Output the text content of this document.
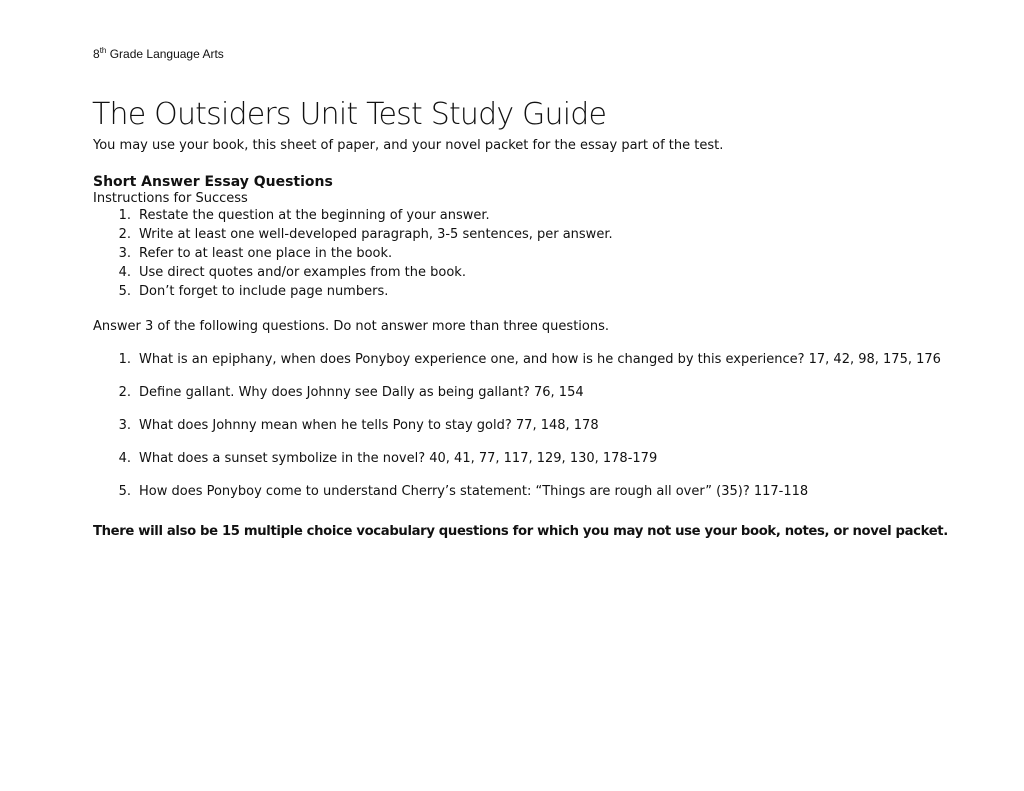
8th Grade Language Arts
The Outsiders Unit Test Study Guide
You may use your book, this sheet of paper, and your novel packet for the essay part of the test.
Short Answer Essay Questions
Instructions for Success
1. Restate the question at the beginning of your answer.
2. Write at least one well-developed paragraph, 3-5 sentences, per answer.
3. Refer to at least one place in the book.
4. Use direct quotes and/or examples from the book.
5. Don’t forget to include page numbers.
Answer 3 of the following questions. Do not answer more than three questions.
1. What is an epiphany, when does Ponyboy experience one, and how is he changed by this experience? 17, 42, 98, 175, 176
2. Define gallant. Why does Johnny see Dally as being gallant? 76, 154
3. What does Johnny mean when he tells Pony to stay gold? 77, 148, 178
4. What does a sunset symbolize in the novel? 40, 41, 77, 117, 129, 130, 178-179
5. How does Ponyboy come to understand Cherry’s statement: “Things are rough all over” (35)? 117-118
There will also be 15 multiple choice vocabulary questions for which you may not use your book, notes, or novel packet.
